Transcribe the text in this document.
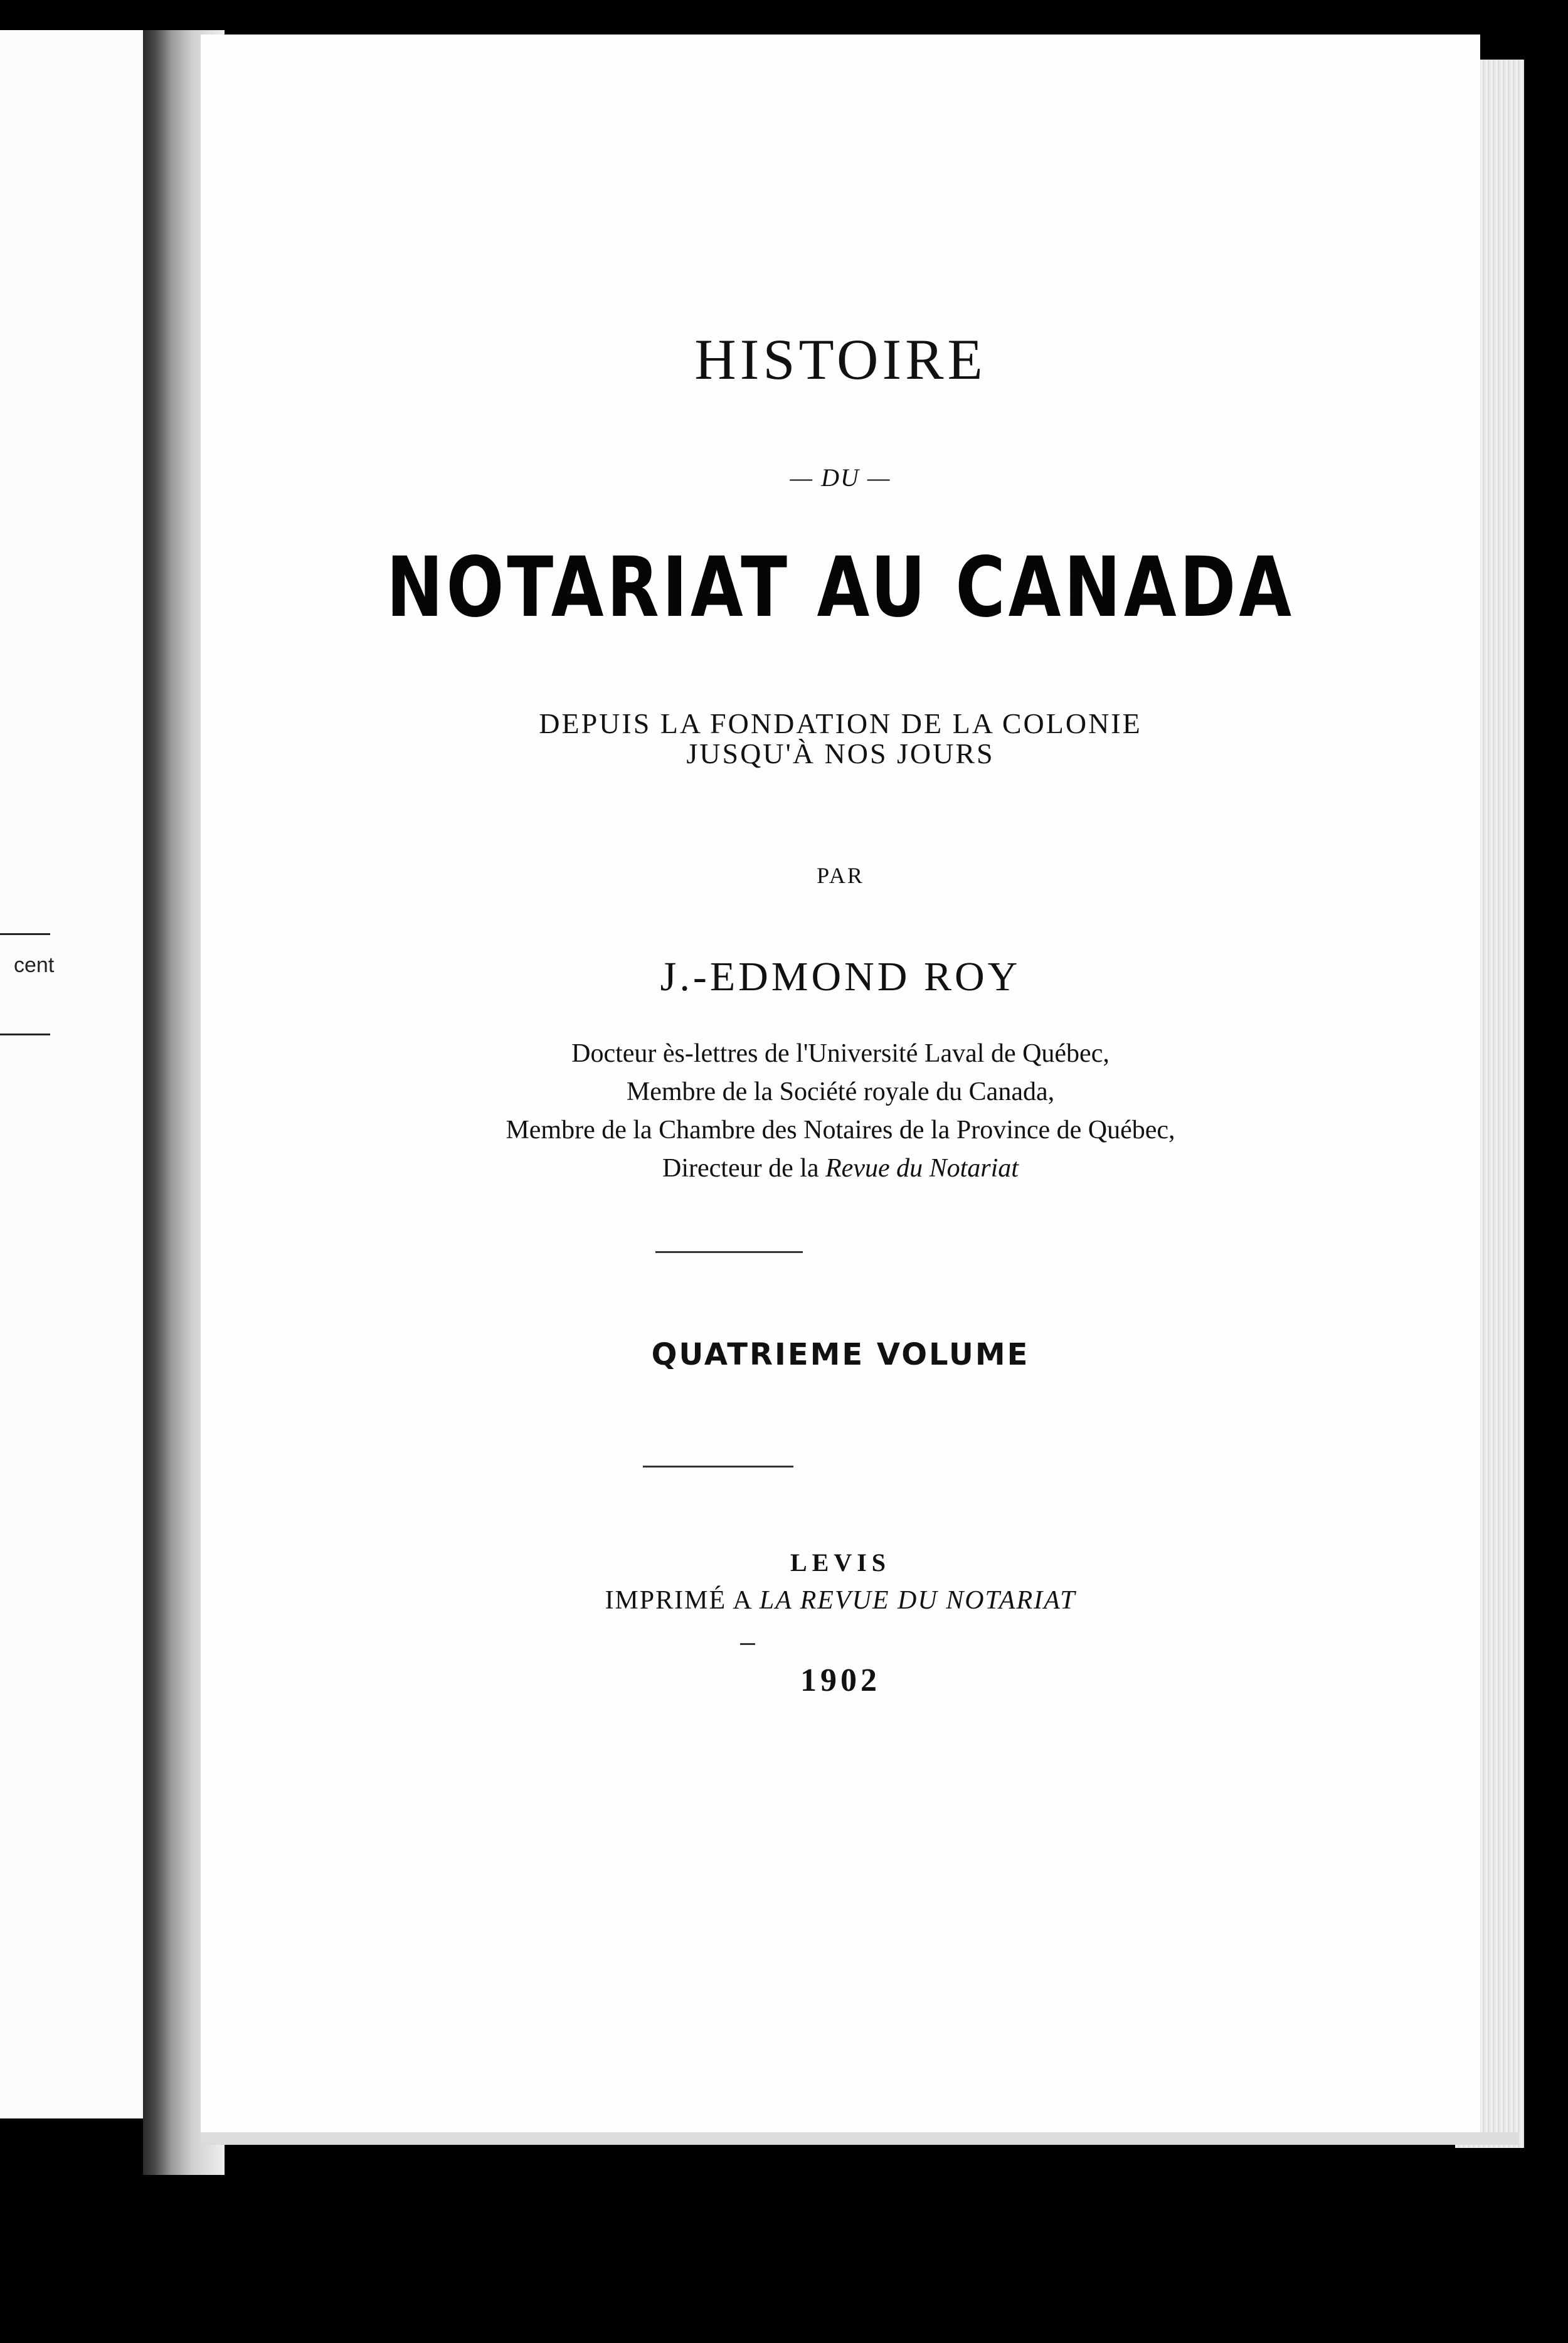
cent
HISTOIRE
— DU —
NOTARIAT AU CANADA
DEPUIS LA FONDATION DE LA COLONIE
JUSQU'À NOS JOURS
PAR
J.-EDMOND ROY
Docteur ès-lettres de l'Université Laval de Québec,
Membre de la Société royale du Canada,
Membre de la Chambre des Notaires de la Province de Québec,
Directeur de la Revue du Notariat
QUATRIEME VOLUME
LEVIS
IMPRIMÉ A LA REVUE DU NOTARIAT
1902
